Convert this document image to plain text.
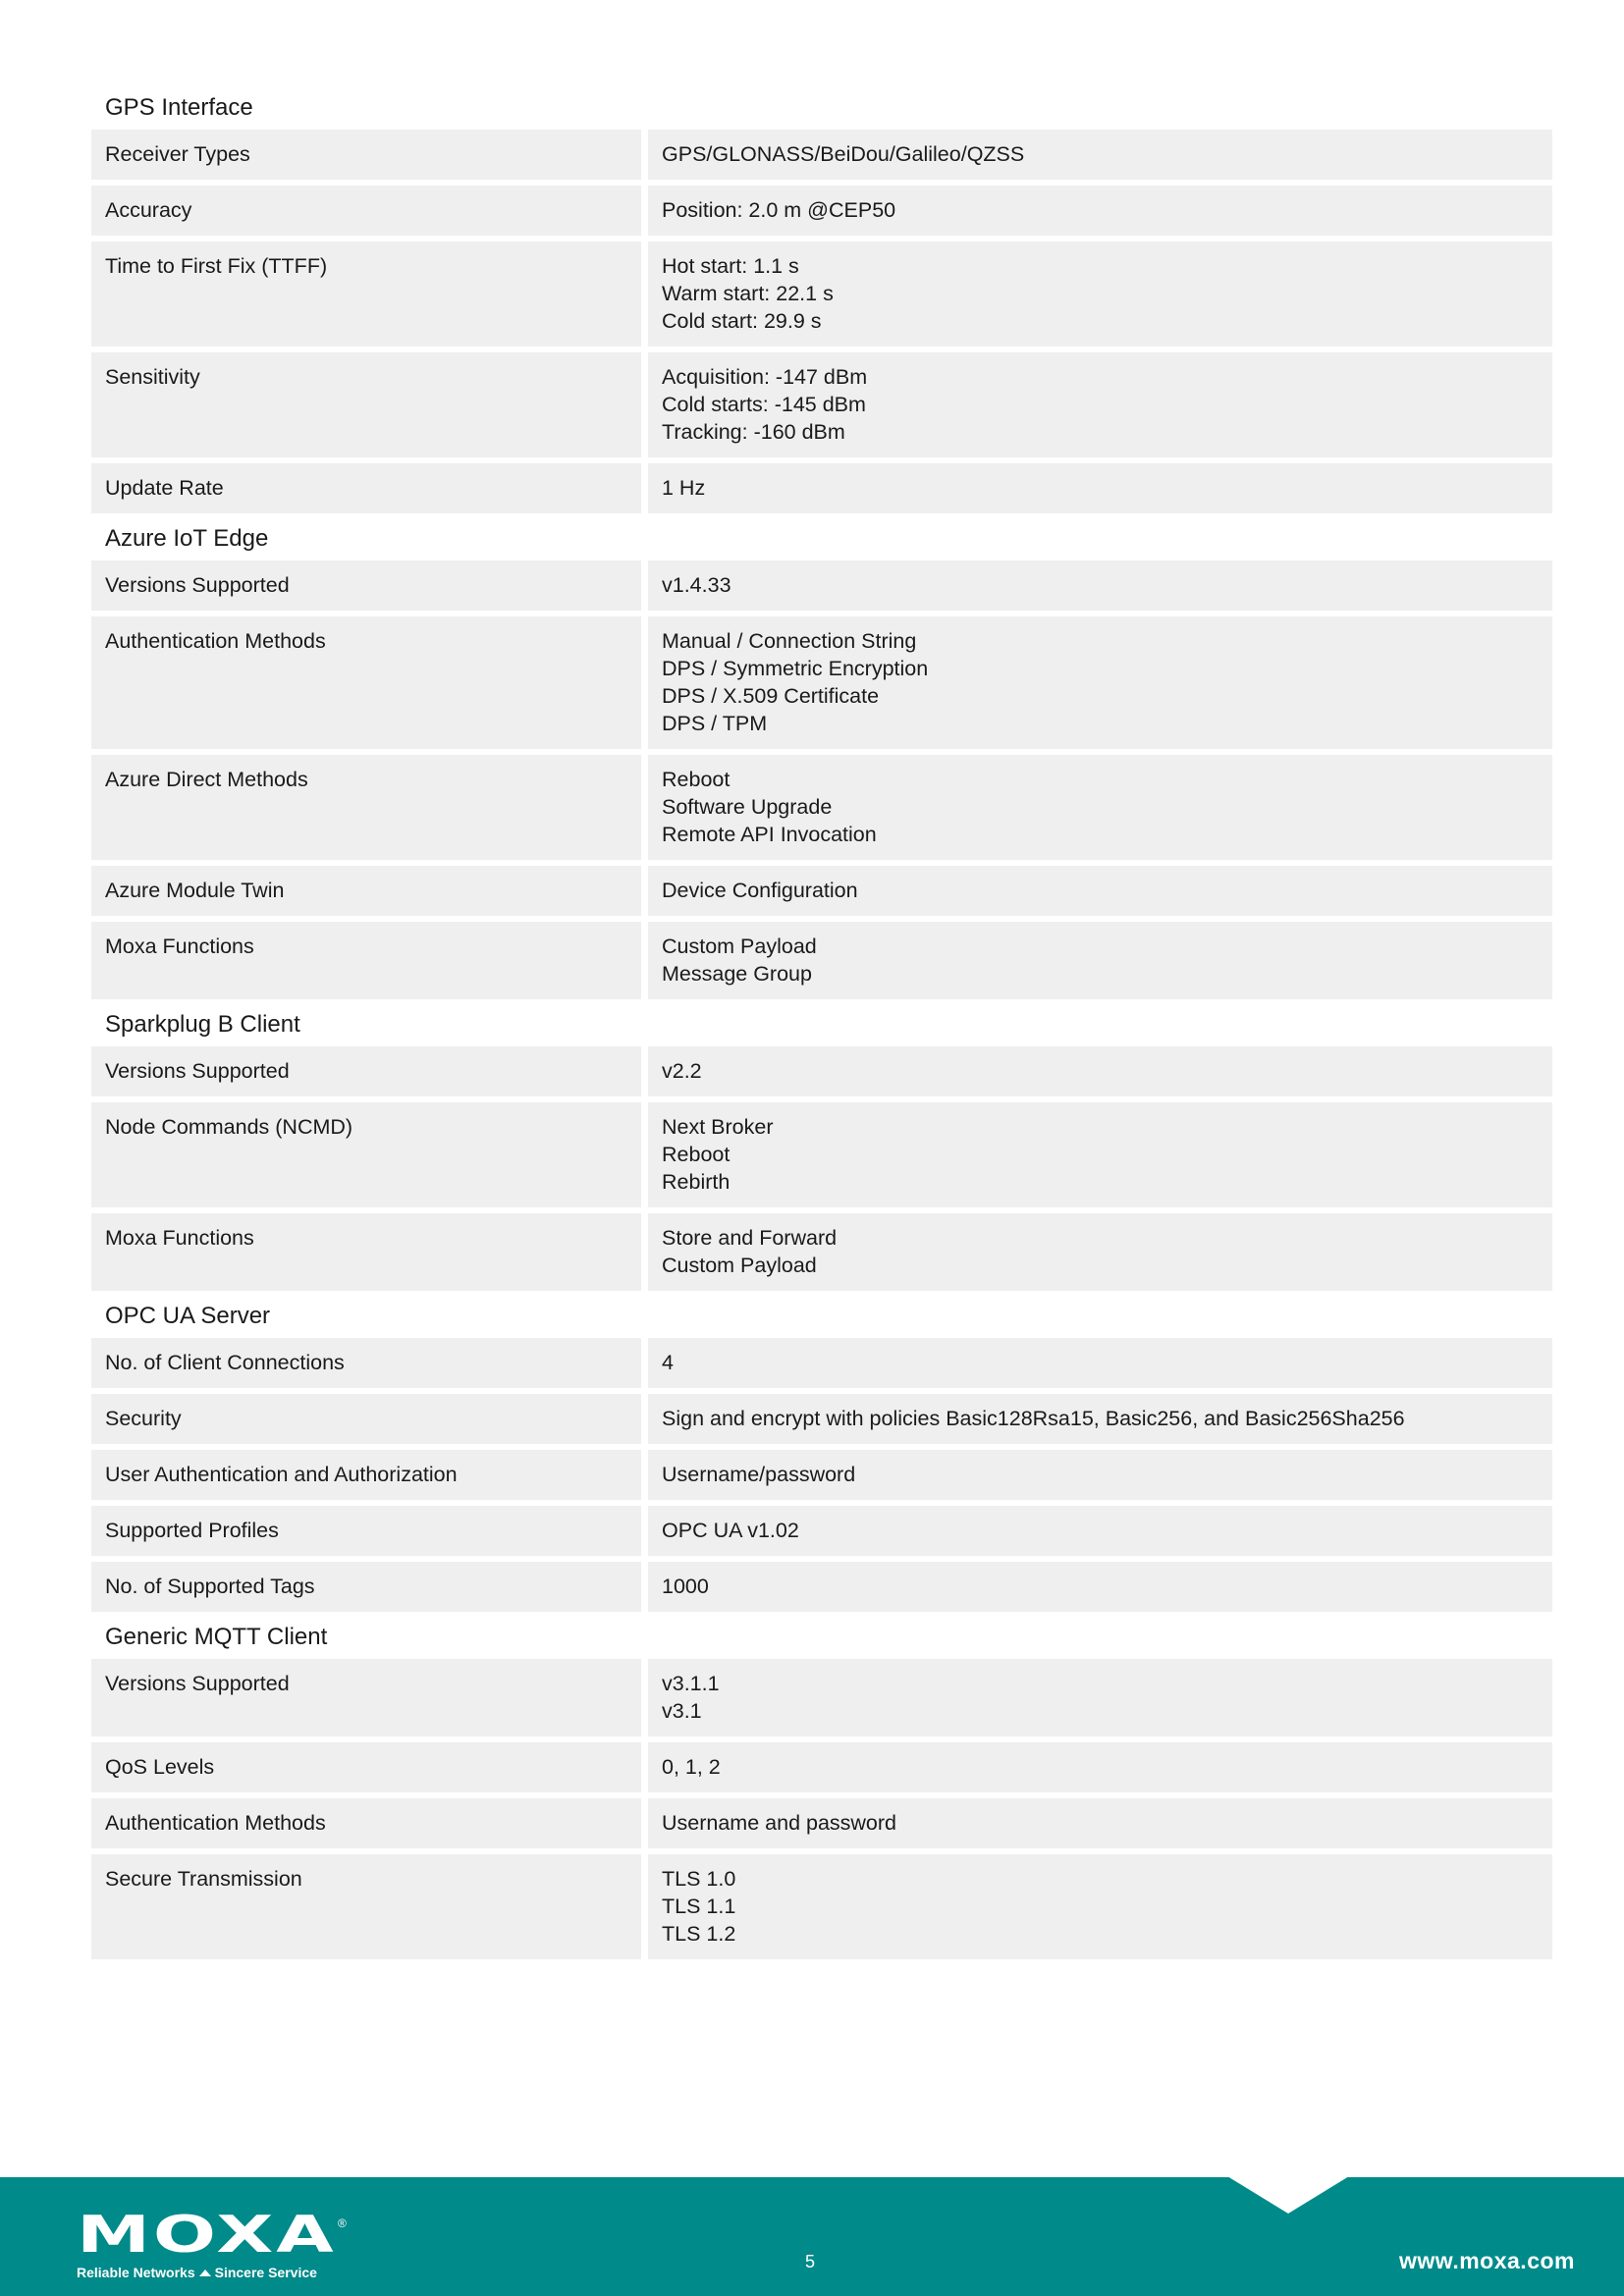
GPS Interface
Receiver Types	GPS/GLONASS/BeiDou/Galileo/QZSS
Accuracy	Position: 2.0 m @CEP50
Time to First Fix (TTFF)	Hot start: 1.1 s
Warm start: 22.1 s
Cold start: 29.9 s
Sensitivity	Acquisition: -147 dBm
Cold starts: -145 dBm
Tracking: -160 dBm
Update Rate	1 Hz
Azure IoT Edge
Versions Supported	v1.4.33
Authentication Methods	Manual / Connection String
DPS / Symmetric Encryption
DPS / X.509 Certificate
DPS / TPM
Azure Direct Methods	Reboot
Software Upgrade
Remote API Invocation
Azure Module Twin	Device Configuration
Moxa Functions	Custom Payload
Message Group
Sparkplug B Client
Versions Supported	v2.2
Node Commands (NCMD)	Next Broker
Reboot
Rebirth
Moxa Functions	Store and Forward
Custom Payload
OPC UA Server
No. of Client Connections	4
Security	Sign and encrypt with policies Basic128Rsa15, Basic256, and Basic256Sha256
User Authentication and Authorization	Username/password
Supported Profiles	OPC UA v1.02
No. of Supported Tags	1000
Generic MQTT Client
Versions Supported	v3.1.1
v3.1
QoS Levels	0, 1, 2
Authentication Methods	Username and password
Secure Transmission	TLS 1.0
TLS 1.1
TLS 1.2
MOXA ®
Reliable Networks Sincere Service
5	www.moxa.com
